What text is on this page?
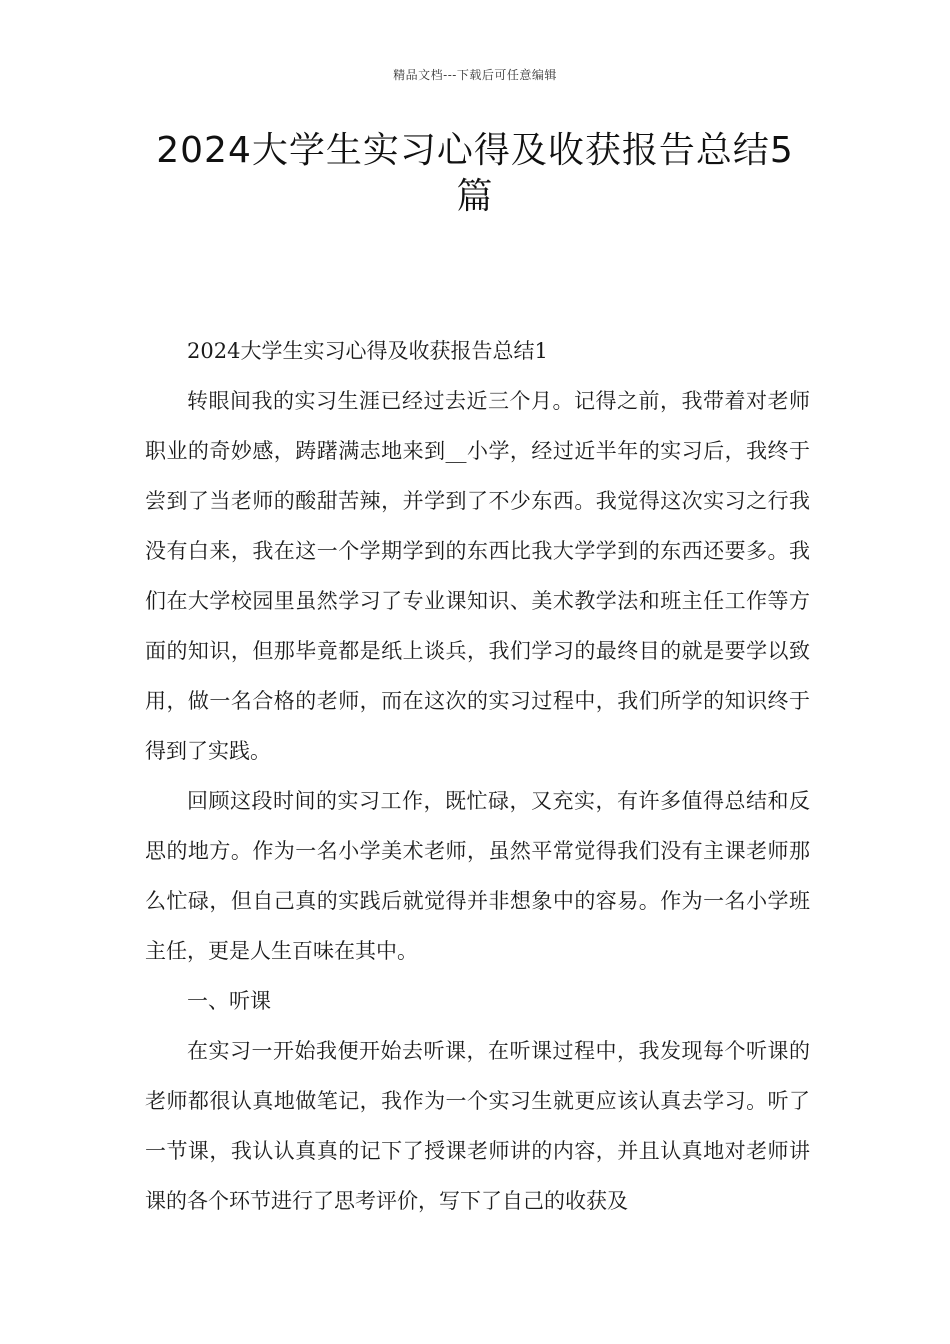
精品文档---下载后可任意编辑
2024大学生实习心得及收获报告总结5篇

2024大学生实习心得及收获报告总结1

转眼间我的实习生涯已经过去近三个月。记得之前，我带着对老师职业的奇妙感，踌躇满志地来到__小学，经过近半年的实习后，我终于尝到了当老师的酸甜苦辣，并学到了不少东西。我觉得这次实习之行我没有白来，我在这一个学期学到的东西比我大学学到的东西还要多。我们在大学校园里虽然学习了专业课知识、美术教学法和班主任工作等方面的知识，但那毕竟都是纸上谈兵，我们学习的最终目的就是要学以致用，做一名合格的老师，而在这次的实习过程中，我们所学的知识终于得到了实践。

回顾这段时间的实习工作，既忙碌，又充实，有许多值得总结和反思的地方。作为一名小学美术老师，虽然平常觉得我们没有主课老师那么忙碌，但自己真的实践后就觉得并非想象中的容易。作为一名小学班主任，更是人生百味在其中。

一、听课

在实习一开始我便开始去听课，在听课过程中，我发现每个听课的老师都很认真地做笔记，我作为一个实习生就更应该认真去学习。听了一节课，我认认真真的记下了授课老师讲的内容，并且认真地对老师讲课的各个环节进行了思考评价，写下了自己的收获及
